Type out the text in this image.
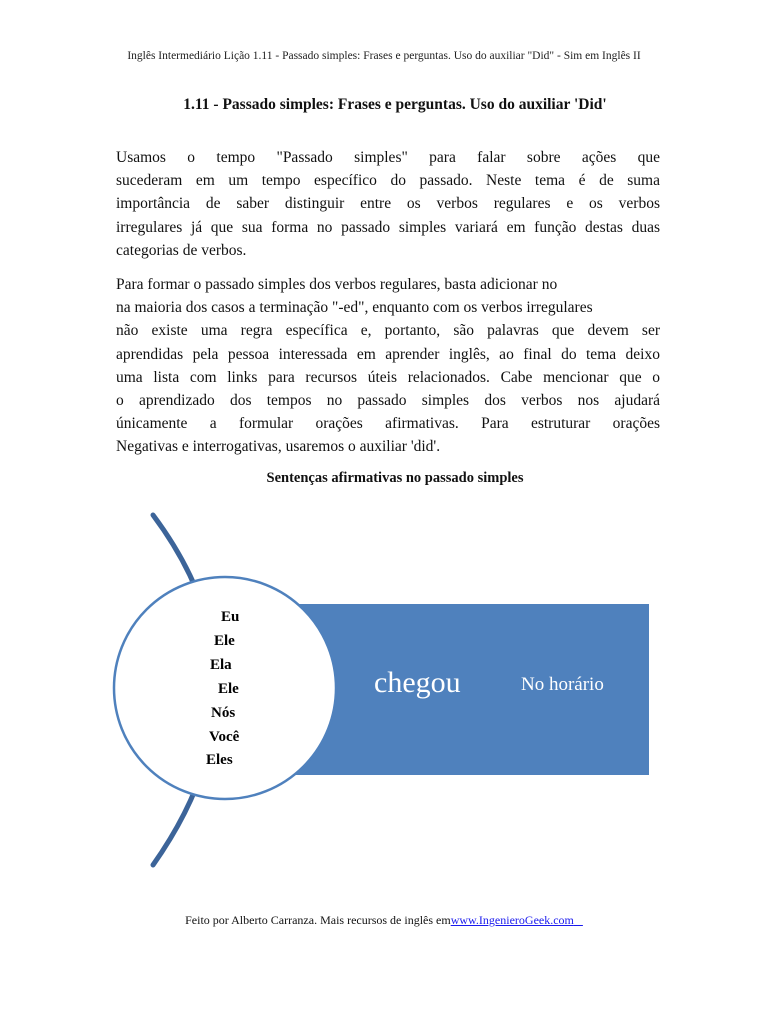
Inglês Intermediário Lição 1.11 - Passado simples: Frases e perguntas. Uso do auxiliar "Did" - Sim em Inglês II
1.11 - Passado simples: Frases e perguntas. Uso do auxiliar 'Did'
Usamos o tempo "Passado simples" para falar sobre ações que
sucederam em um tempo específico do passado. Neste tema é de suma
importância de saber distinguir entre os verbos regulares e os verbos
irregulares já que sua forma no passado simples variará em função destas duas
categorias de verbos.
Para formar o passado simples dos verbos regulares, basta adicionar no
na maioria dos casos a terminação "-ed", enquanto com os verbos irregulares
não existe uma regra específica e, portanto, são palavras que devem ser
aprendidas pela pessoa interessada em aprender inglês, ao final do tema deixo
uma lista com links para recursos úteis relacionados. Cabe mencionar que o
o aprendizado dos tempos no passado simples dos verbos nos ajudará
únicamente a formular orações afirmativas. Para estruturar orações
Negativas e interrogativas, usaremos o auxiliar 'did'.
Sentenças afirmativas no passado simples
Eu
Ele
Ela
Ele
Nós
Você
Eles
chegou	No horário
Feito por Alberto Carranza. Mais recursos de inglês emwww.IngenieroGeek.com
